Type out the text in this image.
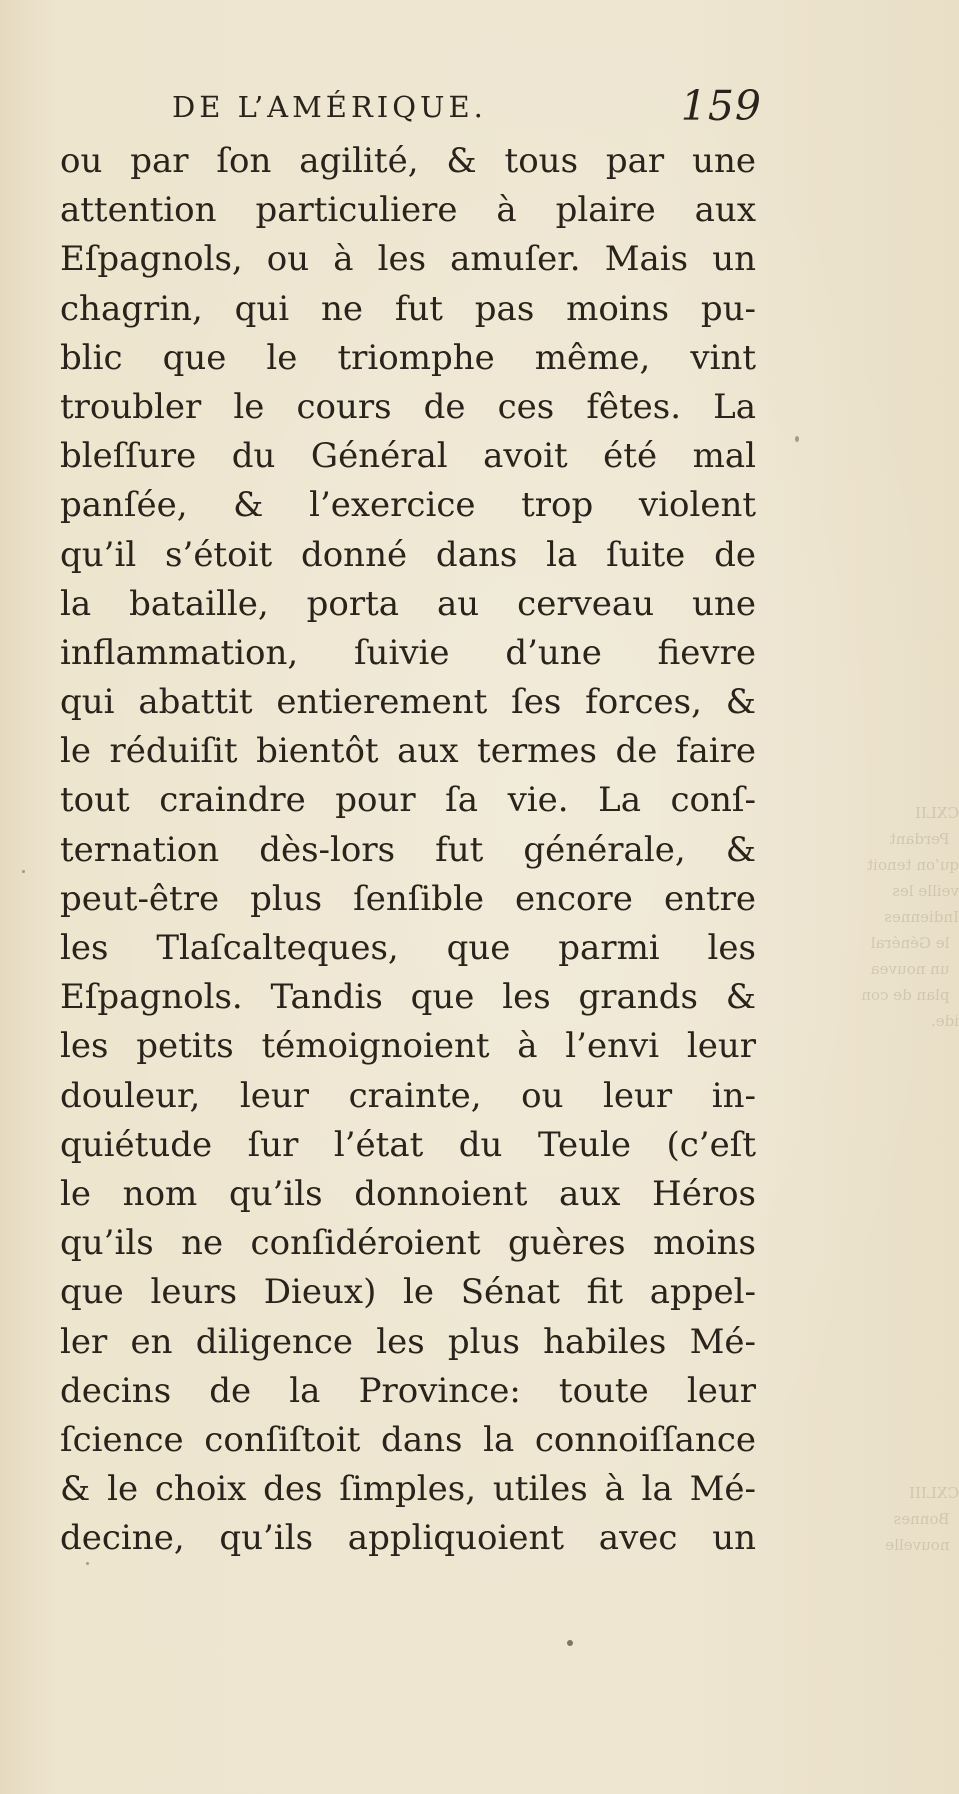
CXLII
Perdant
qu’on tenoit
veille les
Indiennes
le Général
un nouvea
plan de con
ide.
CXLIII
Bonnes
nouvelle
DE L’AMÉRIQUE.	159
ou par ſon agilité, & tous par une
attention particuliere à plaire aux
Eſpagnols, ou à les amuſer. Mais un
chagrin, qui ne fut pas moins pu-
blic que le triomphe même, vint
troubler le cours de ces fêtes. La
bleſſure du Général avoit été mal
panſée, & l’exercice trop violent
qu’il s’étoit donné dans la ſuite de
la bataille, porta au cerveau une
inflammation, ſuivie d’une fievre
qui abattit entierement ſes forces, &
le réduiſit bientôt aux termes de faire
tout craindre pour ſa vie. La conſ-
ternation dès-lors fut générale, &
peut-être plus ſenſible encore entre
les Tlaſcalteques, que parmi les
Eſpagnols. Tandis que les grands &
les petits témoignoient à l’envi leur
douleur, leur crainte, ou leur in-
quiétude ſur l’état du Teule (c’eſt
le nom qu’ils donnoient aux Héros
qu’ils ne conſidéroient guères moins
que leurs Dieux) le Sénat fit appel-
ler en diligence les plus habiles Mé-
decins de la Province: toute leur
ſcience conſiſtoit dans la connoiſſance
& le choix des ſimples, utiles à la Mé-
decine, qu’ils appliquoient avec un
